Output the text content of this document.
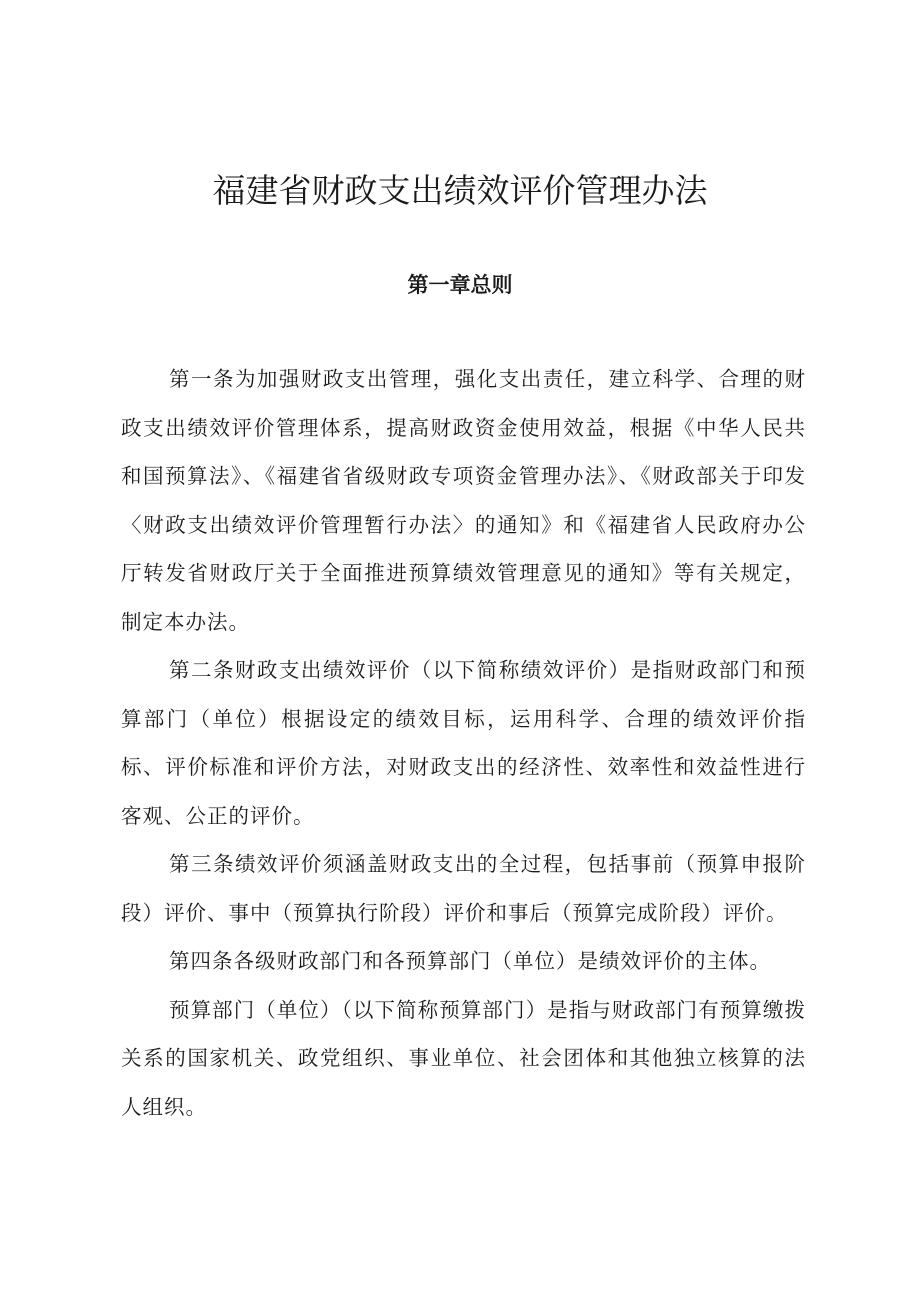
福建省财政支出绩效评价管理办法
第一章总则

第一条为加强财政支出管理，强化支出责任，建立科学、合理的财政支出绩效评价管理体系，提高财政资金使用效益，根据《中华人民共和国预算法》、《福建省省级财政专项资金管理办法》、《财政部关于印发〈财政支出绩效评价管理暂行办法〉的通知》和《福建省人民政府办公厅转发省财政厅关于全面推进预算绩效管理意见的通知》等有关规定，制定本办法。

第二条财政支出绩效评价（以下简称绩效评价）是指财政部门和预算部门（单位）根据设定的绩效目标，运用科学、合理的绩效评价指标、评价标准和评价方法，对财政支出的经济性、效率性和效益性进行客观、公正的评价。

第三条绩效评价须涵盖财政支出的全过程，包括事前（预算申报阶段）评价、事中（预算执行阶段）评价和事后（预算完成阶段）评价。

第四条各级财政部门和各预算部门（单位）是绩效评价的主体。

预算部门（单位）（以下简称预算部门）是指与财政部门有预算缴拨关系的国家机关、政党组织、事业单位、社会团体和其他独立核算的法人组织。
